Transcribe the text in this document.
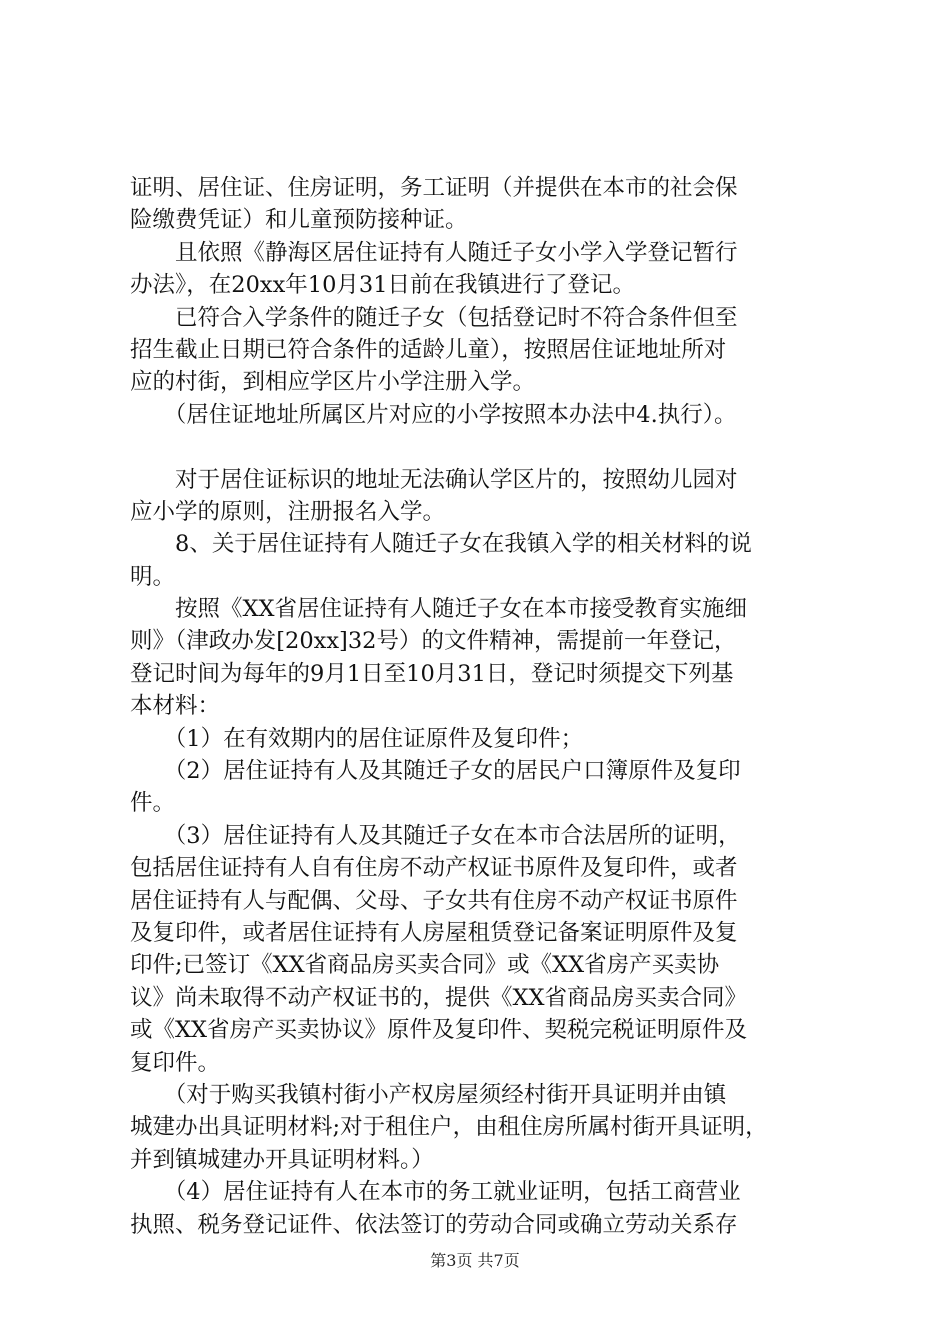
证明、居住证、住房证明，务工证明（并提供在本市的社会保
险缴费凭证）和儿童预防接种证。
　　且依照《静海区居住证持有人随迁子女小学入学登记暂行
办法》，在20xx年10月31日前在我镇进行了登记。
　　已符合入学条件的随迁子女（包括登记时不符合条件但至
招生截止日期已符合条件的适龄儿童），按照居住证地址所对
应的村街，到相应学区片小学注册入学。
　　（居住证地址所属区片对应的小学按照本办法中4.执行）。
　　对于居住证标识的地址无法确认学区片的，按照幼儿园对
应小学的原则，注册报名入学。
　　8、关于居住证持有人随迁子女在我镇入学的相关材料的说
明。
　　按照《XX省居住证持有人随迁子女在本市接受教育实施细
则》（津政办发[20xx]32号）的文件精神，需提前一年登记，
登记时间为每年的9月1日至10月31日，登记时须提交下列基
本材料：
　　（1）在有效期内的居住证原件及复印件；
　　（2）居住证持有人及其随迁子女的居民户口簿原件及复印
件。
　　（3）居住证持有人及其随迁子女在本市合法居所的证明，
包括居住证持有人自有住房不动产权证书原件及复印件，或者
居住证持有人与配偶、父母、子女共有住房不动产权证书原件
及复印件，或者居住证持有人房屋租赁登记备案证明原件及复
印件;已签订《XX省商品房买卖合同》或《XX省房产买卖协
议》尚未取得不动产权证书的，提供《XX省商品房买卖合同》
或《XX省房产买卖协议》原件及复印件、契税完税证明原件及
复印件。
　　（对于购买我镇村街小产权房屋须经村街开具证明并由镇
城建办出具证明材料;对于租住户，由租住房所属村街开具证明，
并到镇城建办开具证明材料。）
　　（4）居住证持有人在本市的务工就业证明，包括工商营业
执照、税务登记证件、依法签订的劳动合同或确立劳动关系存
第3页 共7页
